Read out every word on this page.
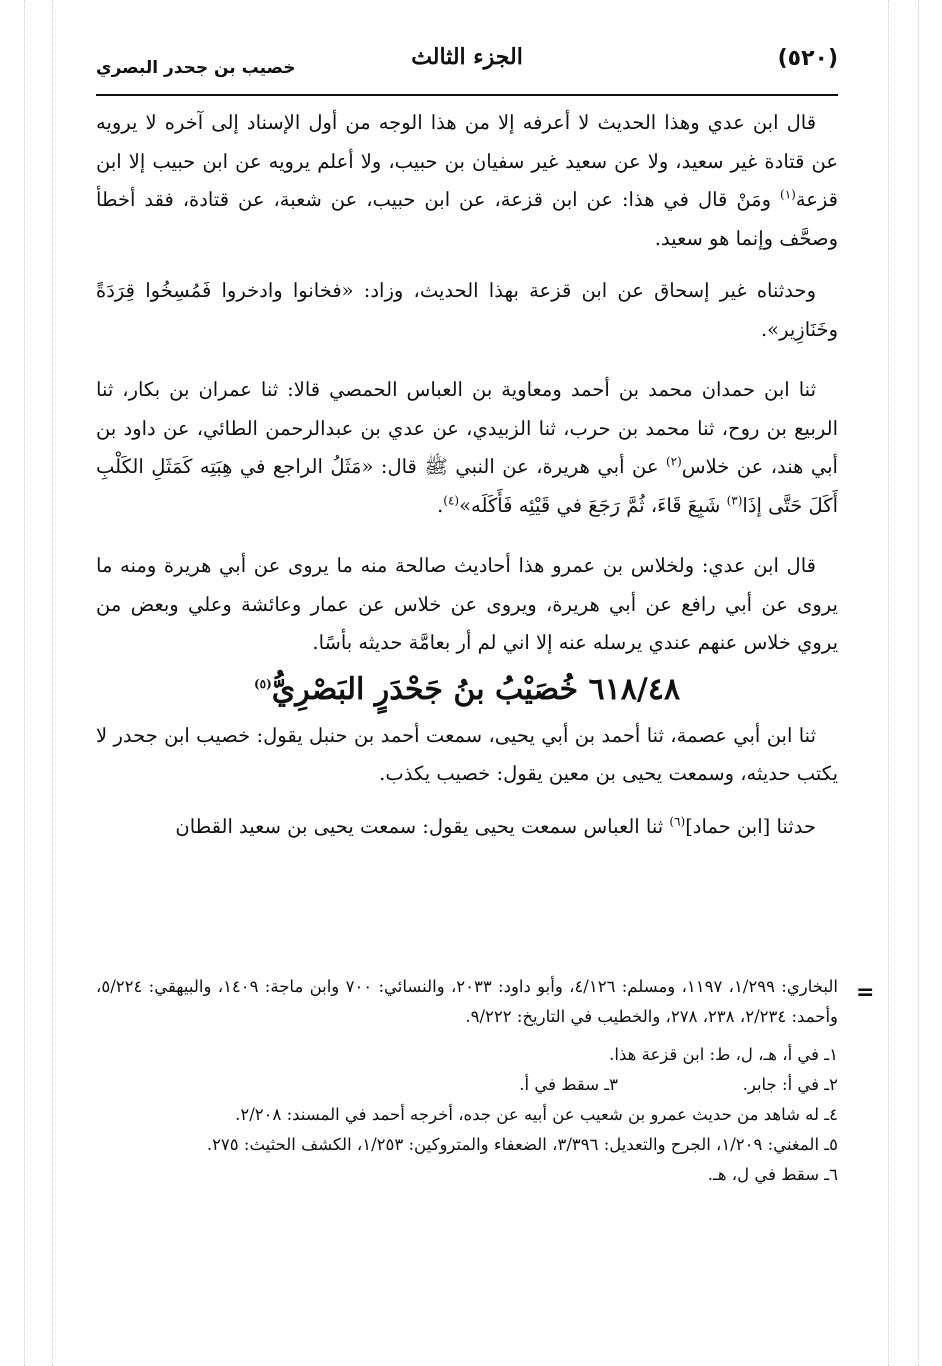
(٥٢٠)
الجزء الثالث
خصيب بن جحدر البصري

قال ابن عدي وهذا الحديث لا أعرفه إلا من هذا الوجه من أول الإسناد إلى آخره لا يرويه عن قتادة غير سعيد، ولا عن سعيد غير سفيان بن حبيب، ولا أعلم يرويه عن ابن حبيب إلا ابن قزعة$^{(١)}$ ومَنْ قال في هذا: عن ابن قزعة، عن ابن حبيب، عن شعبة، عن قتادة، فقد أخطأ وصحَّف وإنما هو سعيد.

وحدثناه غير إسحاق عن ابن قزعة بهذا الحديث، وزاد: «فخانوا وادخروا فَمُسِخُوا قِرَدَةً وخَنَازِير».

ثنا ابن حمدان محمد بن أحمد ومعاوية بن العباس الحمصي قالا: ثنا عمران بن بكار، ثنا الربيع بن روح، ثنا محمد بن حرب، ثنا الزبيدي، عن عدي بن عبدالرحمن الطائي، عن داود بن أبي هند، عن خلاس$^{(٢)}$ عن أبي هريرة، عن النبي ﷺ قال: «مَثَلُ الراجع في هِبَتِه كَمَثَلِ الكَلْبِ أَكَلَ حَتَّى إذَا$^{(٣)}$ شَبِعَ قَاءَ، ثُمَّ رَجَعَ في قَيْئِه فَأَكَلَه»$^{(٤)}$.

قال ابن عدي: ولخلاس بن عمرو هذا أحاديث صالحة منه ما يروى عن أبي هريرة ومنه ما يروى عن أبي رافع عن أبي هريرة، ويروى عن خلاس عن عمار وعائشة وعلي وبعض من يروي خلاس عنهم عندي يرسله عنه إلا اني لم أر بعامَّة حديثه بأسًا.

٦١٨/٤٨ خُصَيْبُ بنُ جَحْدَرٍ البَصْرِيُّ$^{(٥)}$

ثنا ابن أبي عصمة، ثنا أحمد بن أبي يحيى، سمعت أحمد بن حنبل يقول: خصيب ابن جحدر لا يكتب حديثه، وسمعت يحيى بن معين يقول: خصيب يكذب.

حدثنا [ابن حماد]$^{(٦)}$ ثنا العباس سمعت يحيى يقول: سمعت يحيى بن سعيد القطان

=

البخاري: ١/٢٩٩، ١١٩٧، ومسلم: ٤/١٢٦، وأبو داود: ٢٠٣٣، والنسائي: ٧٠٠ وابن ماجة: ١٤٠٩، والبيهقي: ٥/٢٢٤، وأحمد: ٢/٢٣٤، ٢٣٨، ٢٧٨، والخطيب في التاريخ: ٩/٢٢٢.

١ـ في أ، هـ، ل، ط: ابن قزعة هذا.

٢ـ في أ: جابر.
٣ـ سقط في أ.

٤ـ له شاهد من حديث عمرو بن شعيب عن أبيه عن جده، أخرجه أحمد في المسند: ٢/٢٠٨.

٥ـ المغني: ١/٢٠٩، الجرح والتعديل: ٣/٣٩٦، الضعفاء والمتروكين: ١/٢٥٣، الكشف الحثيث: ٢٧٥.

٦ـ سقط في ل، هـ.
